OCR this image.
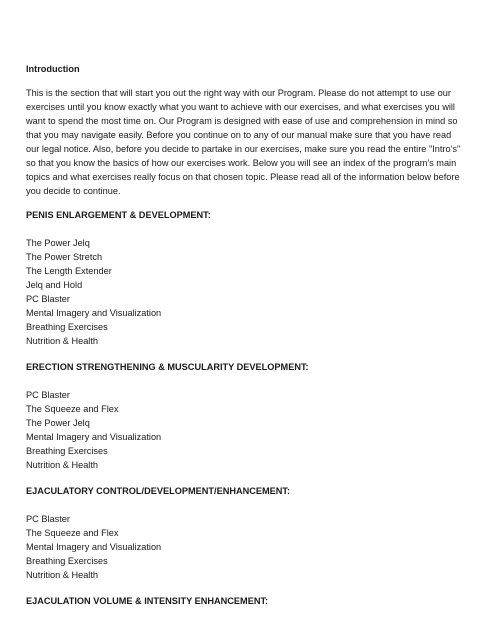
Introduction

This is the section that will start you out the right way with our Program. Please do not attempt to use our exercises until you know exactly what you want to achieve with our exercises, and what exercises you will want to spend the most time on. Our Program is designed with ease of use and comprehension in mind so that you may navigate easily. Before you continue on to any of our manual make sure that you have read our legal notice. Also, before you decide to partake in our exercises, make sure you read the entire "Intro's" so that you know the basics of how our exercises work. Below you will see an index of the program's main topics and what exercises really focus on that chosen topic. Please read all of the information below before you decide to continue.

PENIS ENLARGEMENT & DEVELOPMENT:
The Power Jelq
The Power Stretch
The Length Extender
Jelq and Hold
PC Blaster
Mental Imagery and Visualization
Breathing Exercises
Nutrition & Health
ERECTION STRENGTHENING & MUSCULARITY DEVELOPMENT:
PC Blaster
The Squeeze and Flex
The Power Jelq
Mental Imagery and Visualization
Breathing Exercises
Nutrition & Health
EJACULATORY CONTROL/DEVELOPMENT/ENHANCEMENT:
PC Blaster
The Squeeze and Flex
Mental Imagery and Visualization
Breathing Exercises
Nutrition & Health
EJACULATION VOLUME & INTENSITY ENHANCEMENT:
